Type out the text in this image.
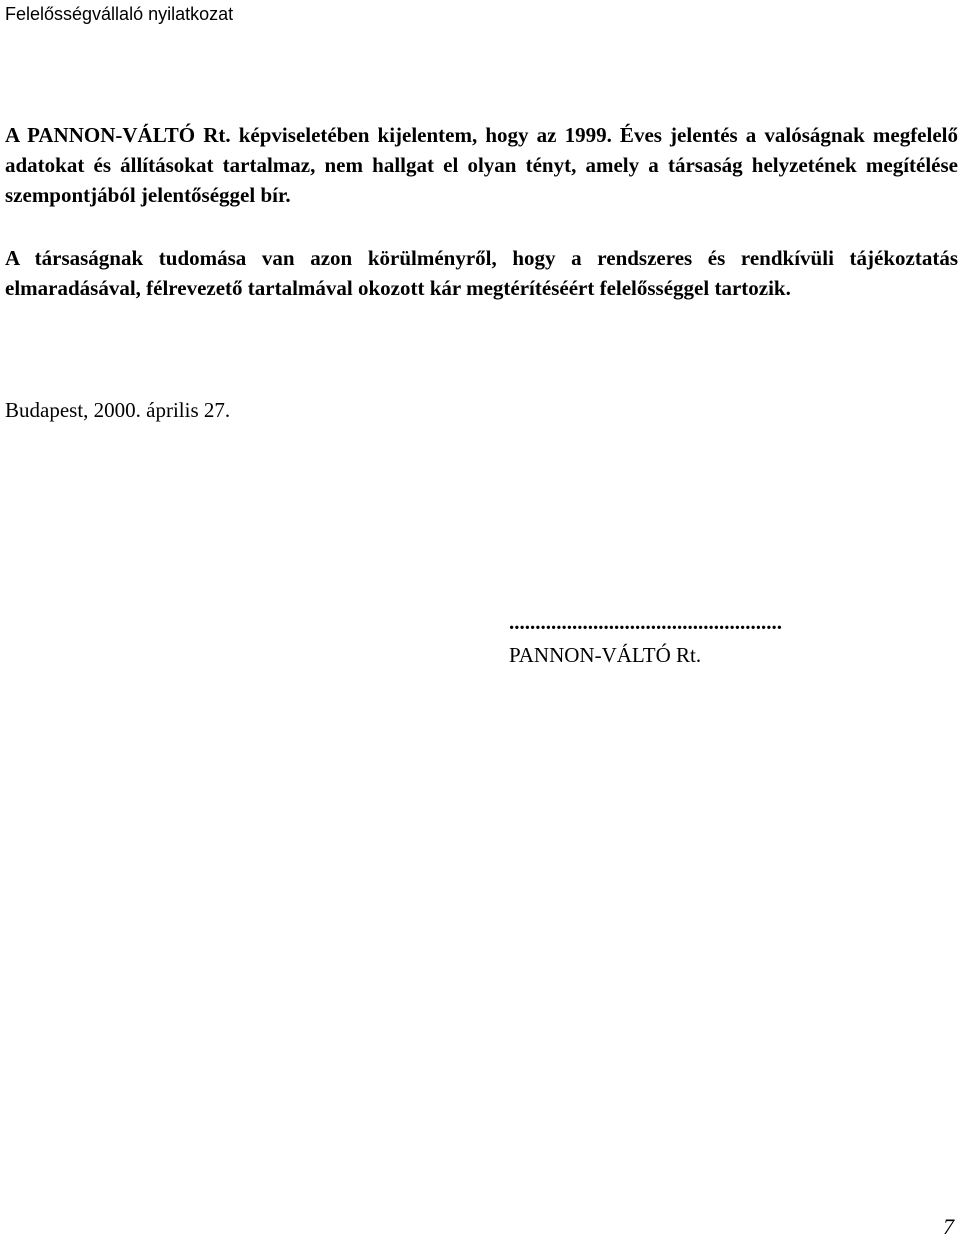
Felelősségvállaló nyilatkozat

A PANNON-VÁLTÓ Rt. képviseletében kijelentem, hogy az 1999. Éves jelentés a valóságnak megfelelő adatokat és állításokat tartalmaz, nem hallgat el olyan tényt, amely a társaság helyzetének megítélése szempontjából jelentőséggel bír.

A társaságnak tudomása van azon körülményről, hogy a rendszeres és rendkívüli tájékoztatás elmaradásával, félrevezető tartalmával okozott kár megtérítéséért felelősséggel tartozik.

Budapest, 2000. április 27.

....................................................

PANNON-VÁLTÓ Rt.

7
